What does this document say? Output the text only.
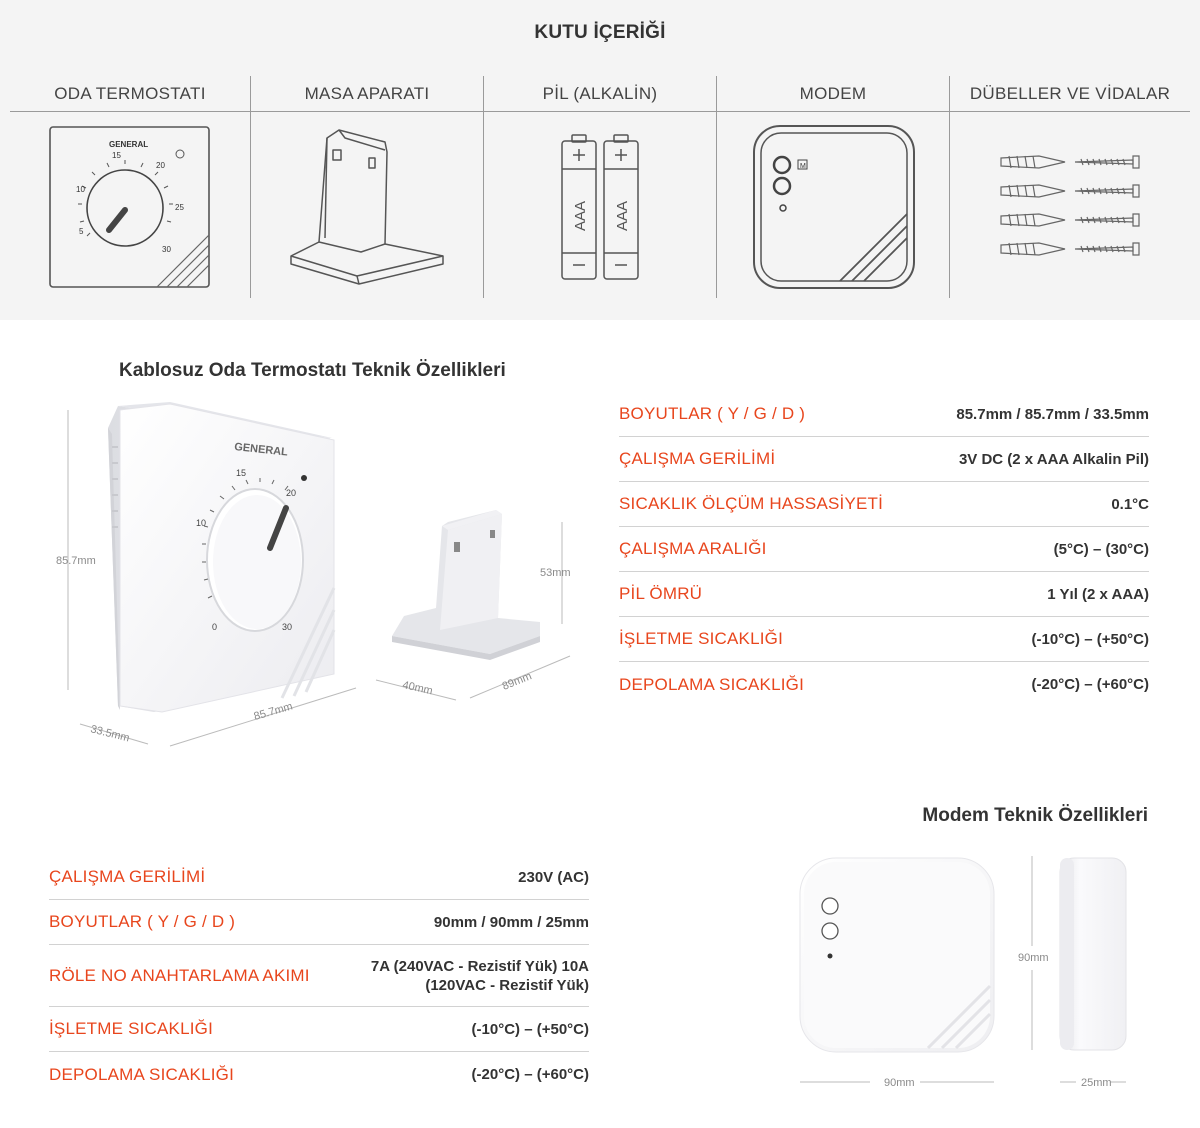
KUTU İÇERİĞİ
ODA TERMOSTATI
GENERAL
15
20
25
30
10
5
MASA APARATI	PİL (ALKALİN)
AAA AAA
MODEM
M
DÜBELLER VE VİDALAR
Kablosuz Oda Termostatı Teknik Özellikleri
85.7mm
33.5mm
85.7mm
GENERAL
15
20
10
0	30
53mm
40mm	89mm
BOYUTLAR ( Y / G / D )	85.7mm / 85.7mm / 33.5mm
ÇALIŞMA GERİLİMİ	3V DC (2 x AAA Alkalin Pil)
SICAKLIK ÖLÇÜM HASSASİYETİ	0.1°C
ÇALIŞMA ARALIĞI	(5°C) – (30°C)
PİL ÖMRÜ	1 Yıl (2 x AAA)
İŞLETME SICAKLIĞI	(-10°C) – (+50°C)
DEPOLAMA SICAKLIĞI	(-20°C) – (+60°C)
Modem Teknik Özellikleri
ÇALIŞMA GERİLİMİ	230V (AC)
BOYUTLAR ( Y / G / D )	90mm / 90mm / 25mm
RÖLE NO ANAHTARLAMA AKIMI	7A (240VAC - Rezistif Yük) 10A
(120VAC - Rezistif Yük)
İŞLETME SICAKLIĞI	(-10°C) – (+50°C)
DEPOLAMA SICAKLIĞI	(-20°C) – (+60°C)	90mm
90mm
25mm
